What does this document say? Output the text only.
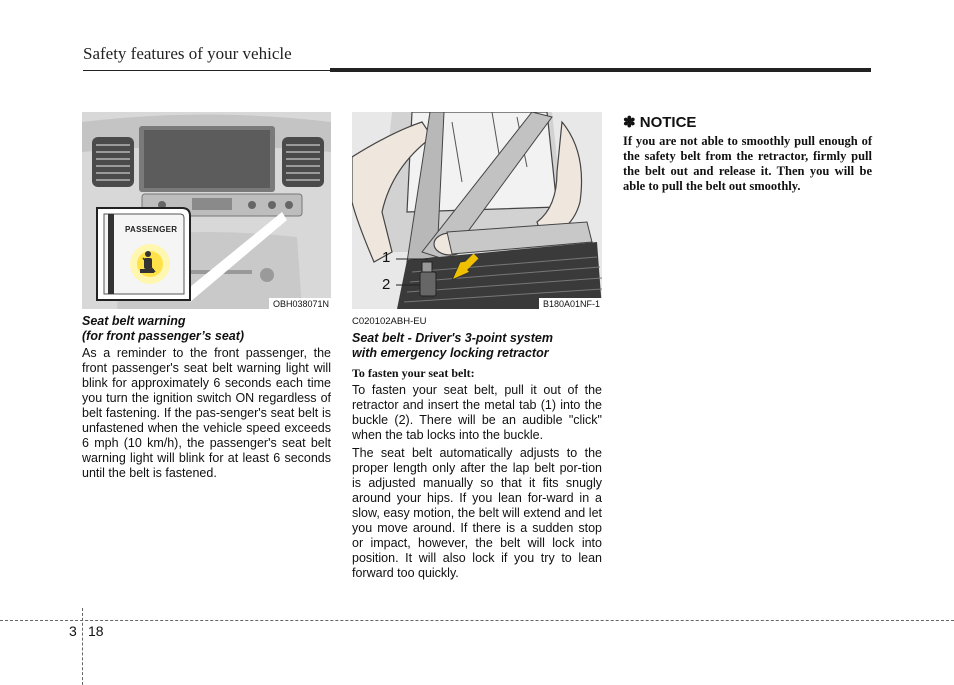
Safety features of your vehicle
PASSENGER
OBH038071N
Seat belt warning
(for front passenger’s seat)

As a reminder to the front passenger, the front passenger's seat belt warning light will blink for approximately 6 seconds each time you turn the ignition switch ON regardless of belt fastening. If the pas-senger's seat belt is unfastened when the vehicle speed exceeds 6 mph (10 km/h), the passenger's seat belt warning light will blink for at least 6 seconds until the belt is fastened.

1
2
B180A01NF-1
C020102ABH-EU
Seat belt - Driver's 3-point system
with emergency locking retractor
To fasten your seat belt:

To fasten your seat belt, pull it out of the retractor and insert the metal tab (1) into the buckle (2). There will be an audible "click" when the tab locks into the buckle.

The seat belt automatically adjusts to the proper length only after the lap belt por-tion is adjusted manually so that it fits snugly around your hips. If you lean for-ward in a slow, easy motion, the belt will extend and let you move around. If there is a sudden stop or impact, however, the belt will lock into position. It will also lock if you try to lean forward too quickly.

✽ NOTICE
If you are not able to smoothly pull enough of the safety belt from the retractor, firmly pull the belt out and release it. Then you will be able to pull the belt out smoothly.
3 18
